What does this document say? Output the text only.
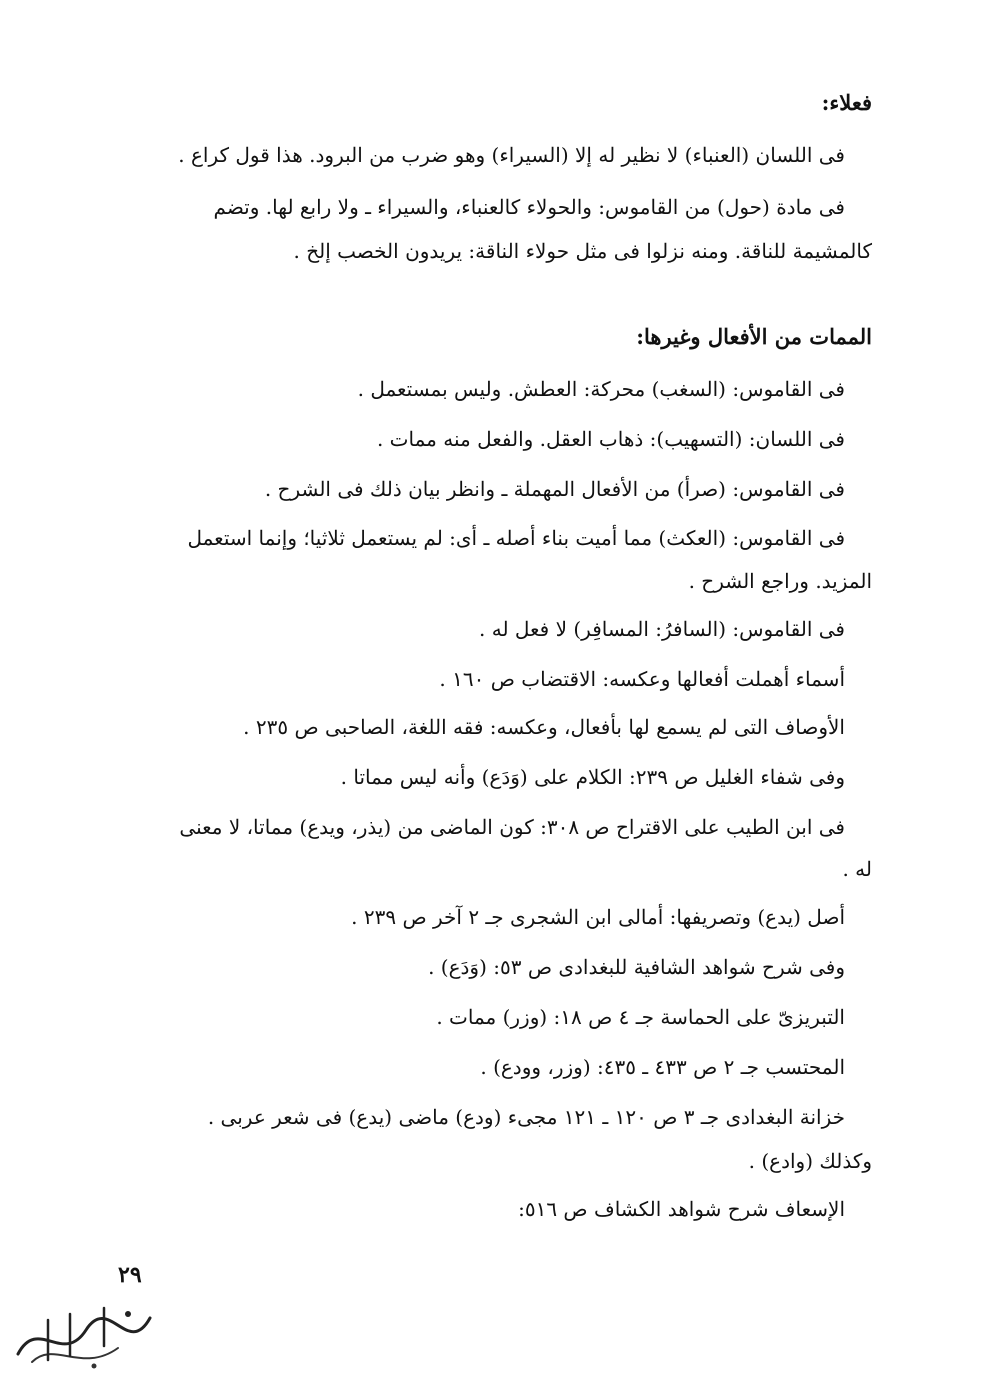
فعلاء:
فى اللسان (العنباء) لا نظير له إلا (السيراء) وهو ضرب من البرود. هذا قول كراع .
فى مادة (حول) من القاموس: والحولاء كالعنباء، والسيراء ـ ولا رابع لها. وتضم
كالمشيمة للناقة. ومنه نزلوا فى مثل حولاء الناقة: يريدون الخصب إلخ .
الممات من الأفعال وغيرها:
فى القاموس: (السغب) محركة: العطش. وليس بمستعمل .
فى اللسان: (التسهيب): ذهاب العقل. والفعل منه ممات .
فى القاموس: (صرأ) من الأفعال المهملة ـ وانظر بيان ذلك فى الشرح .
فى القاموس: (العكث) مما أميت بناء أصله ـ أى: لم يستعمل ثلاثيا؛ وإنما استعمل
المزيد. وراجع الشرح .
فى القاموس: (السافرُ: المسافِر) لا فعل له .
أسماء أهملت أفعالها وعكسه: الاقتضاب ص ١٦٠ .
الأوصاف التى لم يسمع لها بأفعال، وعكسه: فقه اللغة، الصاحبى ص ٢٣٥ .
وفى شفاء الغليل ص ٢٣٩: الكلام على (وَدَع) وأنه ليس مماتا .
فى ابن الطيب على الاقتراح ص ٣٠٨: كون الماضى من (يذر، ويدع) مماتا، لا معنى
له .
أصل (يدع) وتصريفها: أمالى ابن الشجرى جـ ٢ آخر ص ٢٣٩ .
وفى شرح شواهد الشافية للبغدادى ص ٥٣: (وَدَع) .
التبريزىّ على الحماسة جـ ٤ ص ١٨: (وزر) ممات .
المحتسب جـ ٢ ص ٤٣٣ ـ ٤٣٥: (وزر، وودع) .
خزانة البغدادى جـ ٣ ص ١٢٠ ـ ١٢١ مجىء (ودع) ماضى (يدع) فى شعر عربى .
وكذلك (وادع) .
الإسعاف شرح شواهد الكشاف ص ٥١٦:
٢٩
